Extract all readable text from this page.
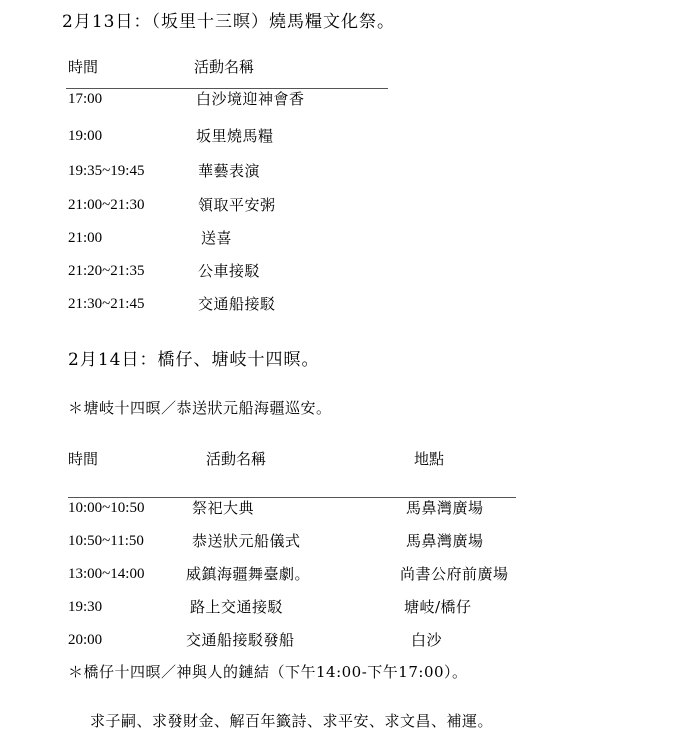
2月13日：（坂里十三暝）燒馬糧文化祭。
時間	活動名稱
17:00	白沙境迎神會香
19:00	坂里燒馬糧
19:35~19:45	華藝表演
21:00~21:30	領取平安粥
21:00	送喜
21:20~21:35	公車接駁
21:30~21:45	交通船接駁
2月14日：橋仔、塘岐十四暝。
＊塘岐十四暝／恭送狀元船海疆巡安。
時間	活動名稱	地點
10:00~10:50	祭祀大典	馬鼻灣廣場
10:50~11:50	恭送狀元船儀式	馬鼻灣廣場
13:00~14:00	威鎮海疆舞臺劇。	尚書公府前廣場
19:30	路上交通接駁	塘岐/橋仔
20:00	交通船接駁發船	白沙
＊橋仔十四暝／神與人的鏈結（下午14:00-下午17:00）。
求子嗣、求發財金、解百年籤詩、求平安、求文昌、補運。
